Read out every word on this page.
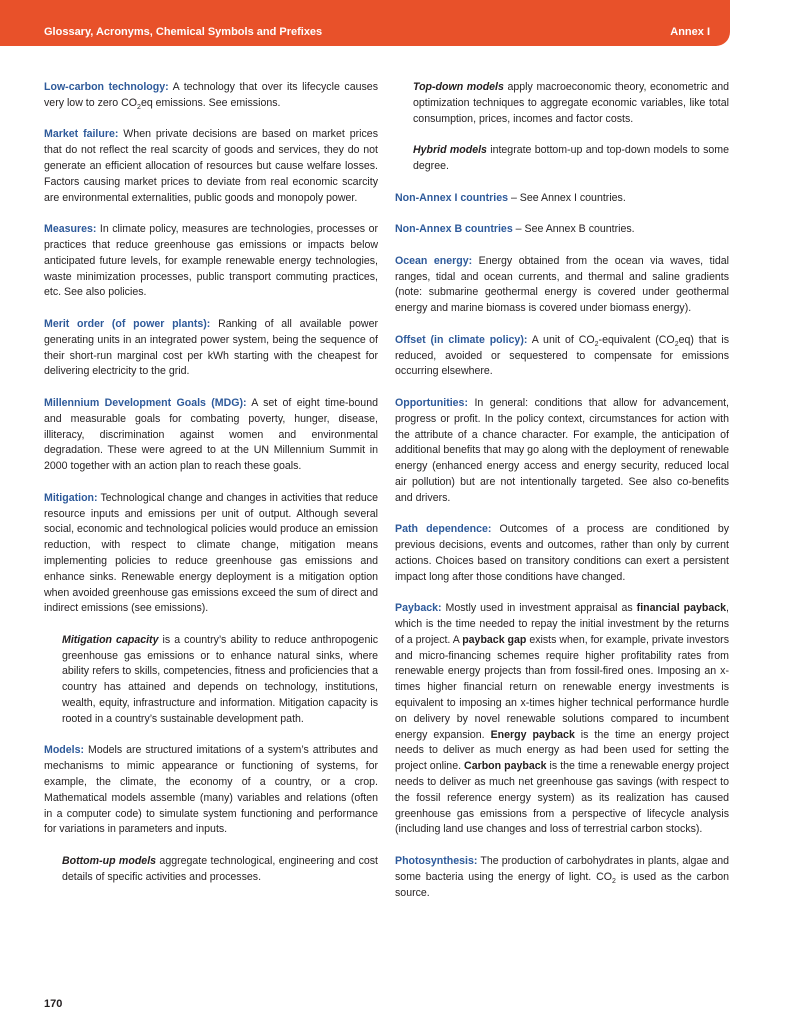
Glossary, Acronyms, Chemical Symbols and Prefixes	Annex I

Low-carbon technology: A technology that over its lifecycle causes very low to zero $CO_2eq$ emissions. See emissions.

Market failure: When private decisions are based on market prices that do not reflect the real scarcity of goods and services, they do not generate an efficient allocation of resources but cause welfare losses. Factors causing market prices to deviate from real economic scarcity are environmental externalities, public goods and monopoly power.

Measures: In climate policy, measures are technologies, processes or practices that reduce greenhouse gas emissions or impacts below anticipated future levels, for example renewable energy technologies, waste minimization processes, public transport commuting practices, etc. See also policies.

Merit order (of power plants): Ranking of all available power generating units in an integrated power system, being the sequence of their short-run marginal cost per kWh starting with the cheapest for delivering electricity to the grid.

Millennium Development Goals (MDG): A set of eight time-bound and measurable goals for combating poverty, hunger, disease, illiteracy, discrimination against women and environmental degradation. These were agreed to at the UN Millennium Summit in 2000 together with an action plan to reach these goals.

Mitigation: Technological change and changes in activities that reduce resource inputs and emissions per unit of output. Although several social, economic and technological policies would produce an emission reduction, with respect to climate change, mitigation means implementing policies to reduce greenhouse gas emissions and enhance sinks. Renewable energy deployment is a mitigation option when avoided greenhouse gas emissions exceed the sum of direct and indirect emissions (see emissions).

Mitigation capacity is a country’s ability to reduce anthropogenic greenhouse gas emissions or to enhance natural sinks, where ability refers to skills, competencies, fitness and proficiencies that a country has attained and depends on technology, institutions, wealth, equity, infrastructure and information. Mitigation capacity is rooted in a country’s sustainable development path.

Models: Models are structured imitations of a system’s attributes and mechanisms to mimic appearance or functioning of systems, for example, the climate, the economy of a country, or a crop. Mathematical models assemble (many) variables and relations (often in a computer code) to simulate system functioning and performance for variations in parameters and inputs.

Bottom-up models aggregate technological, engineering and cost details of specific activities and processes.

Top-down models apply macroeconomic theory, econometric and optimization techniques to aggregate economic variables, like total consumption, prices, incomes and factor costs.

Hybrid models integrate bottom-up and top-down models to some degree.

Non-Annex I countries – See Annex I countries.

Non-Annex B countries – See Annex B countries.

Ocean energy: Energy obtained from the ocean via waves, tidal ranges, tidal and ocean currents, and thermal and saline gradients (note: submarine geothermal energy is covered under geothermal energy and marine biomass is covered under biomass energy).

Offset (in climate policy): A unit of $CO_2$-equivalent $(CO_2eq)$ that is reduced, avoided or sequestered to compensate for emissions occurring elsewhere.

Opportunities: In general: conditions that allow for advancement, progress or profit. In the policy context, circumstances for action with the attribute of a chance character. For example, the anticipation of additional benefits that may go along with the deployment of renewable energy (enhanced energy access and energy security, reduced local air pollution) but are not intentionally targeted. See also co-benefits and drivers.

Path dependence: Outcomes of a process are conditioned by previous decisions, events and outcomes, rather than only by current actions. Choices based on transitory conditions can exert a persistent impact long after those conditions have changed.

Payback: Mostly used in investment appraisal as financial payback, which is the time needed to repay the initial investment by the returns of a project. A payback gap exists when, for example, private investors and micro-financing schemes require higher profitability rates from renewable energy projects than from fossil-fired ones. Imposing an x-times higher financial return on renewable energy investments is equivalent to imposing an x-times higher technical performance hurdle on delivery by novel renewable solutions compared to incumbent energy expansion. Energy payback is the time an energy project needs to deliver as much energy as had been used for setting the project online. Carbon payback is the time a renewable energy project needs to deliver as much net greenhouse gas savings (with respect to the fossil reference energy system) as its realization has caused greenhouse gas emissions from a perspective of lifecycle analysis (including land use changes and loss of terrestrial carbon stocks).

Photosynthesis: The production of carbohydrates in plants, algae and some bacteria using the energy of light. $CO_2$ is used as the carbon source.

170
